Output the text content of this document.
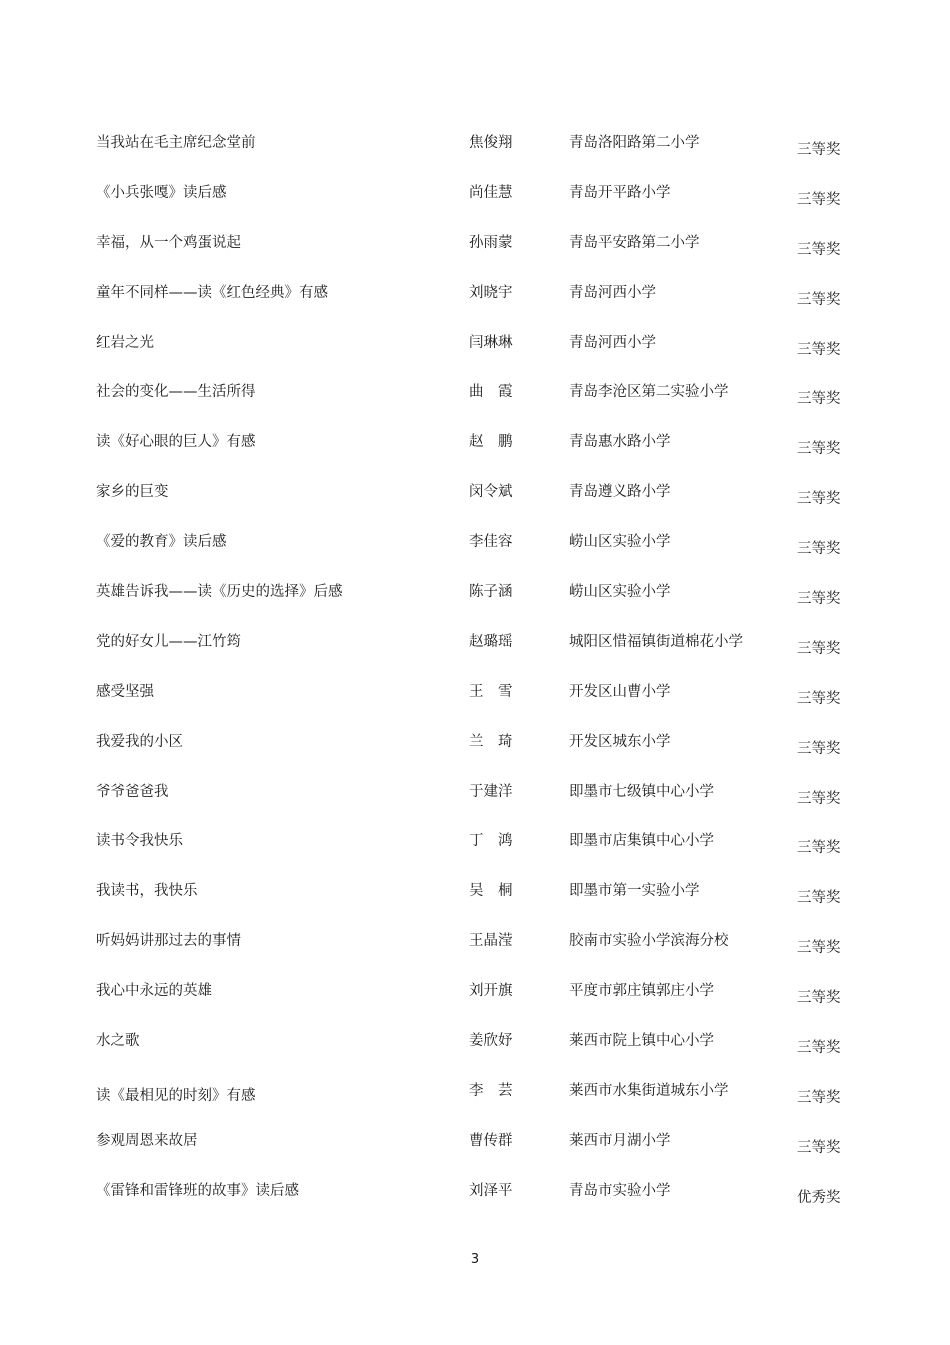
当我站在毛主席纪念堂前	焦俊翔	青岛洛阳路第二小学	三等奖
《小兵张嘎》读后感	尚佳慧	青岛开平路小学	三等奖
幸福，从一个鸡蛋说起	孙雨蒙	青岛平安路第二小学	三等奖
童年不同样——读《红色经典》有感	刘晓宇	青岛河西小学	三等奖
红岩之光	闫琳琳	青岛河西小学	三等奖
社会的变化——生活所得	曲　霞	青岛李沧区第二实验小学	三等奖
读《好心眼的巨人》有感	赵　鹏	青岛惠水路小学	三等奖
家乡的巨变	闵令斌	青岛遵义路小学	三等奖
《爱的教育》读后感	李佳容	崂山区实验小学	三等奖
英雄告诉我——读《历史的选择》后感	陈子涵	崂山区实验小学	三等奖
党的好女儿——江竹筠	赵璐瑶	城阳区惜福镇街道棉花小学	三等奖
感受坚强	王　雪	开发区山曹小学	三等奖
我爱我的小区	兰　琦	开发区城东小学	三等奖
爷爷爸爸我	于建洋	即墨市七级镇中心小学	三等奖
读书令我快乐	丁　鸿	即墨市店集镇中心小学	三等奖
我读书，我快乐	吴　桐	即墨市第一实验小学	三等奖
听妈妈讲那过去的事情	王晶滢	胶南市实验小学滨海分校	三等奖
我心中永远的英雄	刘开旗	平度市郭庄镇郭庄小学	三等奖
水之歌	姜欣妤	莱西市院上镇中心小学	三等奖
读《最相见的时刻》有感	李　芸	莱西市水集街道城东小学	三等奖
参观周恩来故居	曹传群	莱西市月湖小学	三等奖
《雷锋和雷锋班的故事》读后感	刘泽平	青岛市实验小学	优秀奖
3
